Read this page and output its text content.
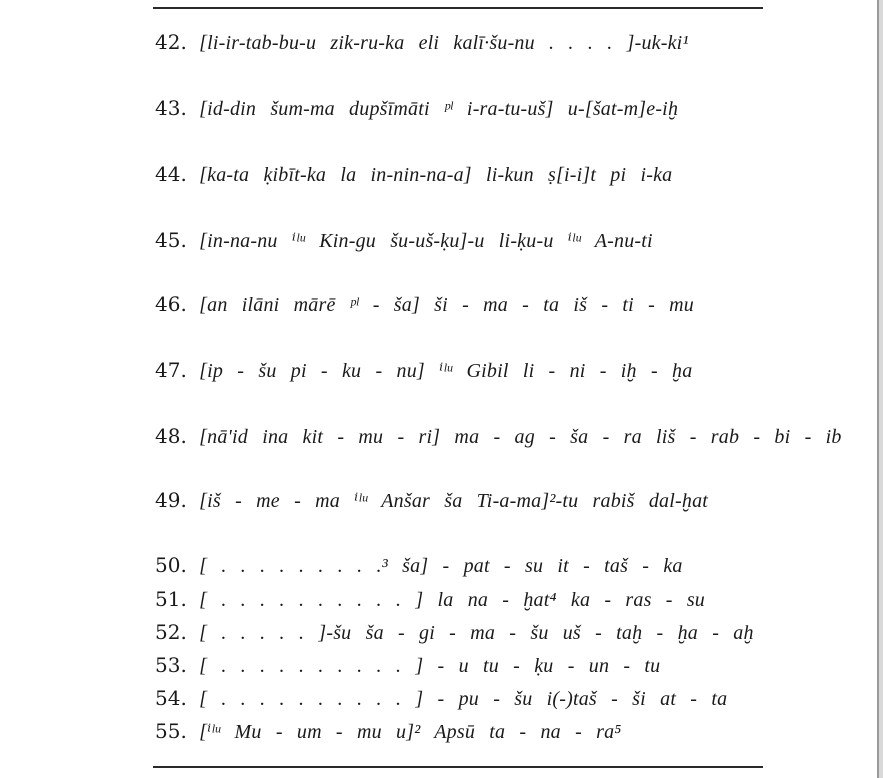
42. [li-ir-tab-bu-u zik-ru-ka eli kalī·šu-nu . . . . ]-uk-ki¹
43. [id-din šum-ma dupšīmāti ᵖˡ i-ra-tu-uš] u-[šat-m]e-iḫ
44. [ka-ta ḳibīt-ka la in-nin-na-a] li-kun ṣ[i-i]t pi i-ka
45. [in-na-nu ⁱˡᵘ Kin-gu šu-uš-ḳu]-u li-ḳu-u ⁱˡᵘ A-nu-ti
46. [an ilāni mārē ᵖˡ - ša] ši - ma - ta iš - ti - mu
47. [ip - šu pi - ku - nu] ⁱˡᵘ Gibil li - ni - iḫ - ḫa
48. [nā'id ina kit - mu - ri] ma - ag - ša - ra liš - rab - bi - ib
49. [iš - me - ma ⁱˡᵘ Anšar ša Ti-a-ma]²-tu rabiš dal-ḫat
50. [ . . . . . . . . .³ ša] - pat - su it - taš - ka
51. [ . . . . . . . . . . ] la na - ḫat⁴ ka - ras - su
52. [ . . . . . ]-šu ša - gi - ma - šu uš - taḫ - ḫa - aḫ
53. [ . . . . . . . . . . ] - u tu - ḳu - un - tu
54. [ . . . . . . . . . . ] - pu - šu i(-)taš - ši at - ta
55. [ⁱˡᵘ Mu - um - mu u]² Apsū ta - na - ra⁵
